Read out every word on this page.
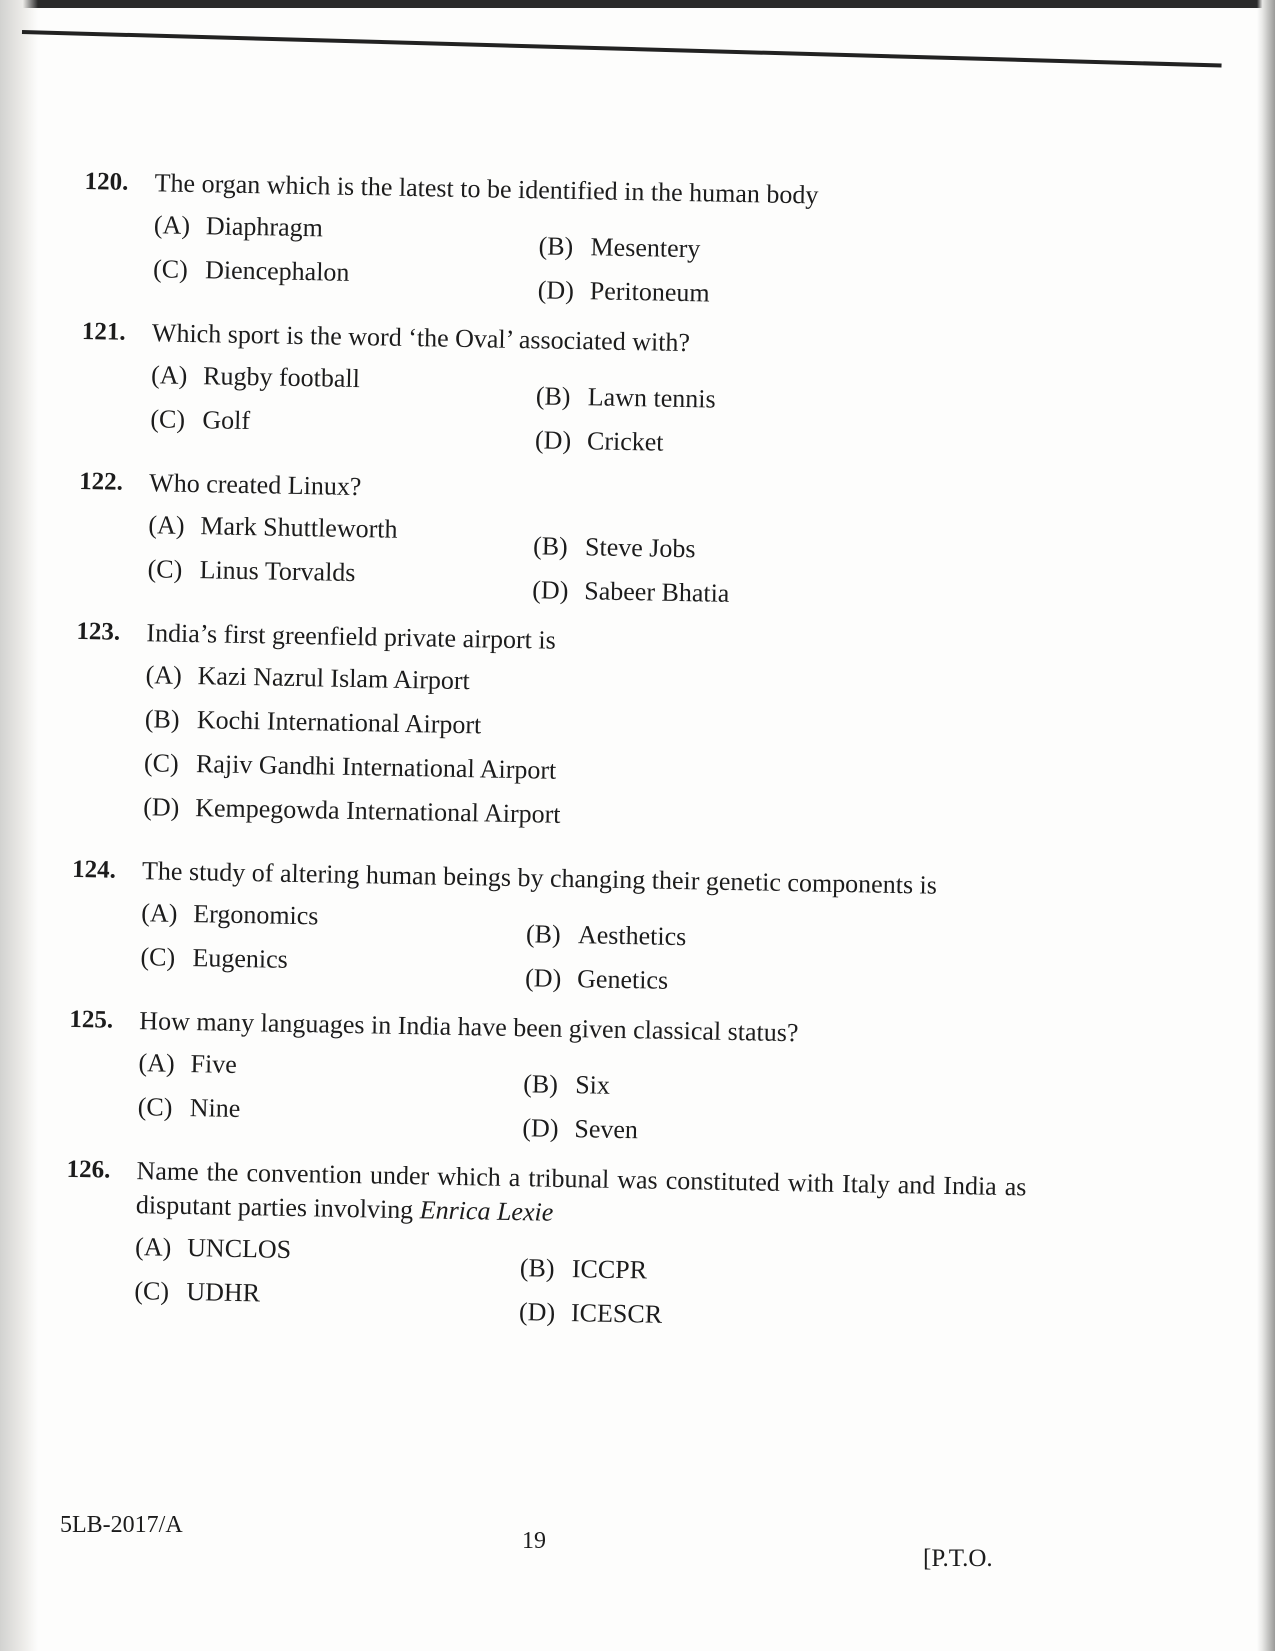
120. The organ which is the latest to be identified in the human body
(A) Diaphragm
(B) Mesentery
(C) Diencephalon
(D) Peritoneum
121. Which sport is the word ‘the Oval’ associated with?
(A) Rugby football
(B) Lawn tennis
(C) Golf
(D) Cricket
122. Who created Linux?
(A) Mark Shuttleworth
(B) Steve Jobs
(C) Linus Torvalds
(D) Sabeer Bhatia
123. India’s first greenfield private airport is
(A) Kazi Nazrul Islam Airport
(B) Kochi International Airport
(C) Rajiv Gandhi International Airport
(D) Kempegowda International Airport
124. The study of altering human beings by changing their genetic components is
(A) Ergonomics
(B) Aesthetics
(C) Eugenics
(D) Genetics
125. How many languages in India have been given classical status?
(A) Five
(B) Six
(C) Nine
(D) Seven
126. Name the convention under which a tribunal was constituted with Italy and India as disputant parties involving Enrica Lexie
(A) UNCLOS
(B) ICCPR
(C) UDHR
(D) ICESCR
5LB-2017/A
19
[P.T.O.
